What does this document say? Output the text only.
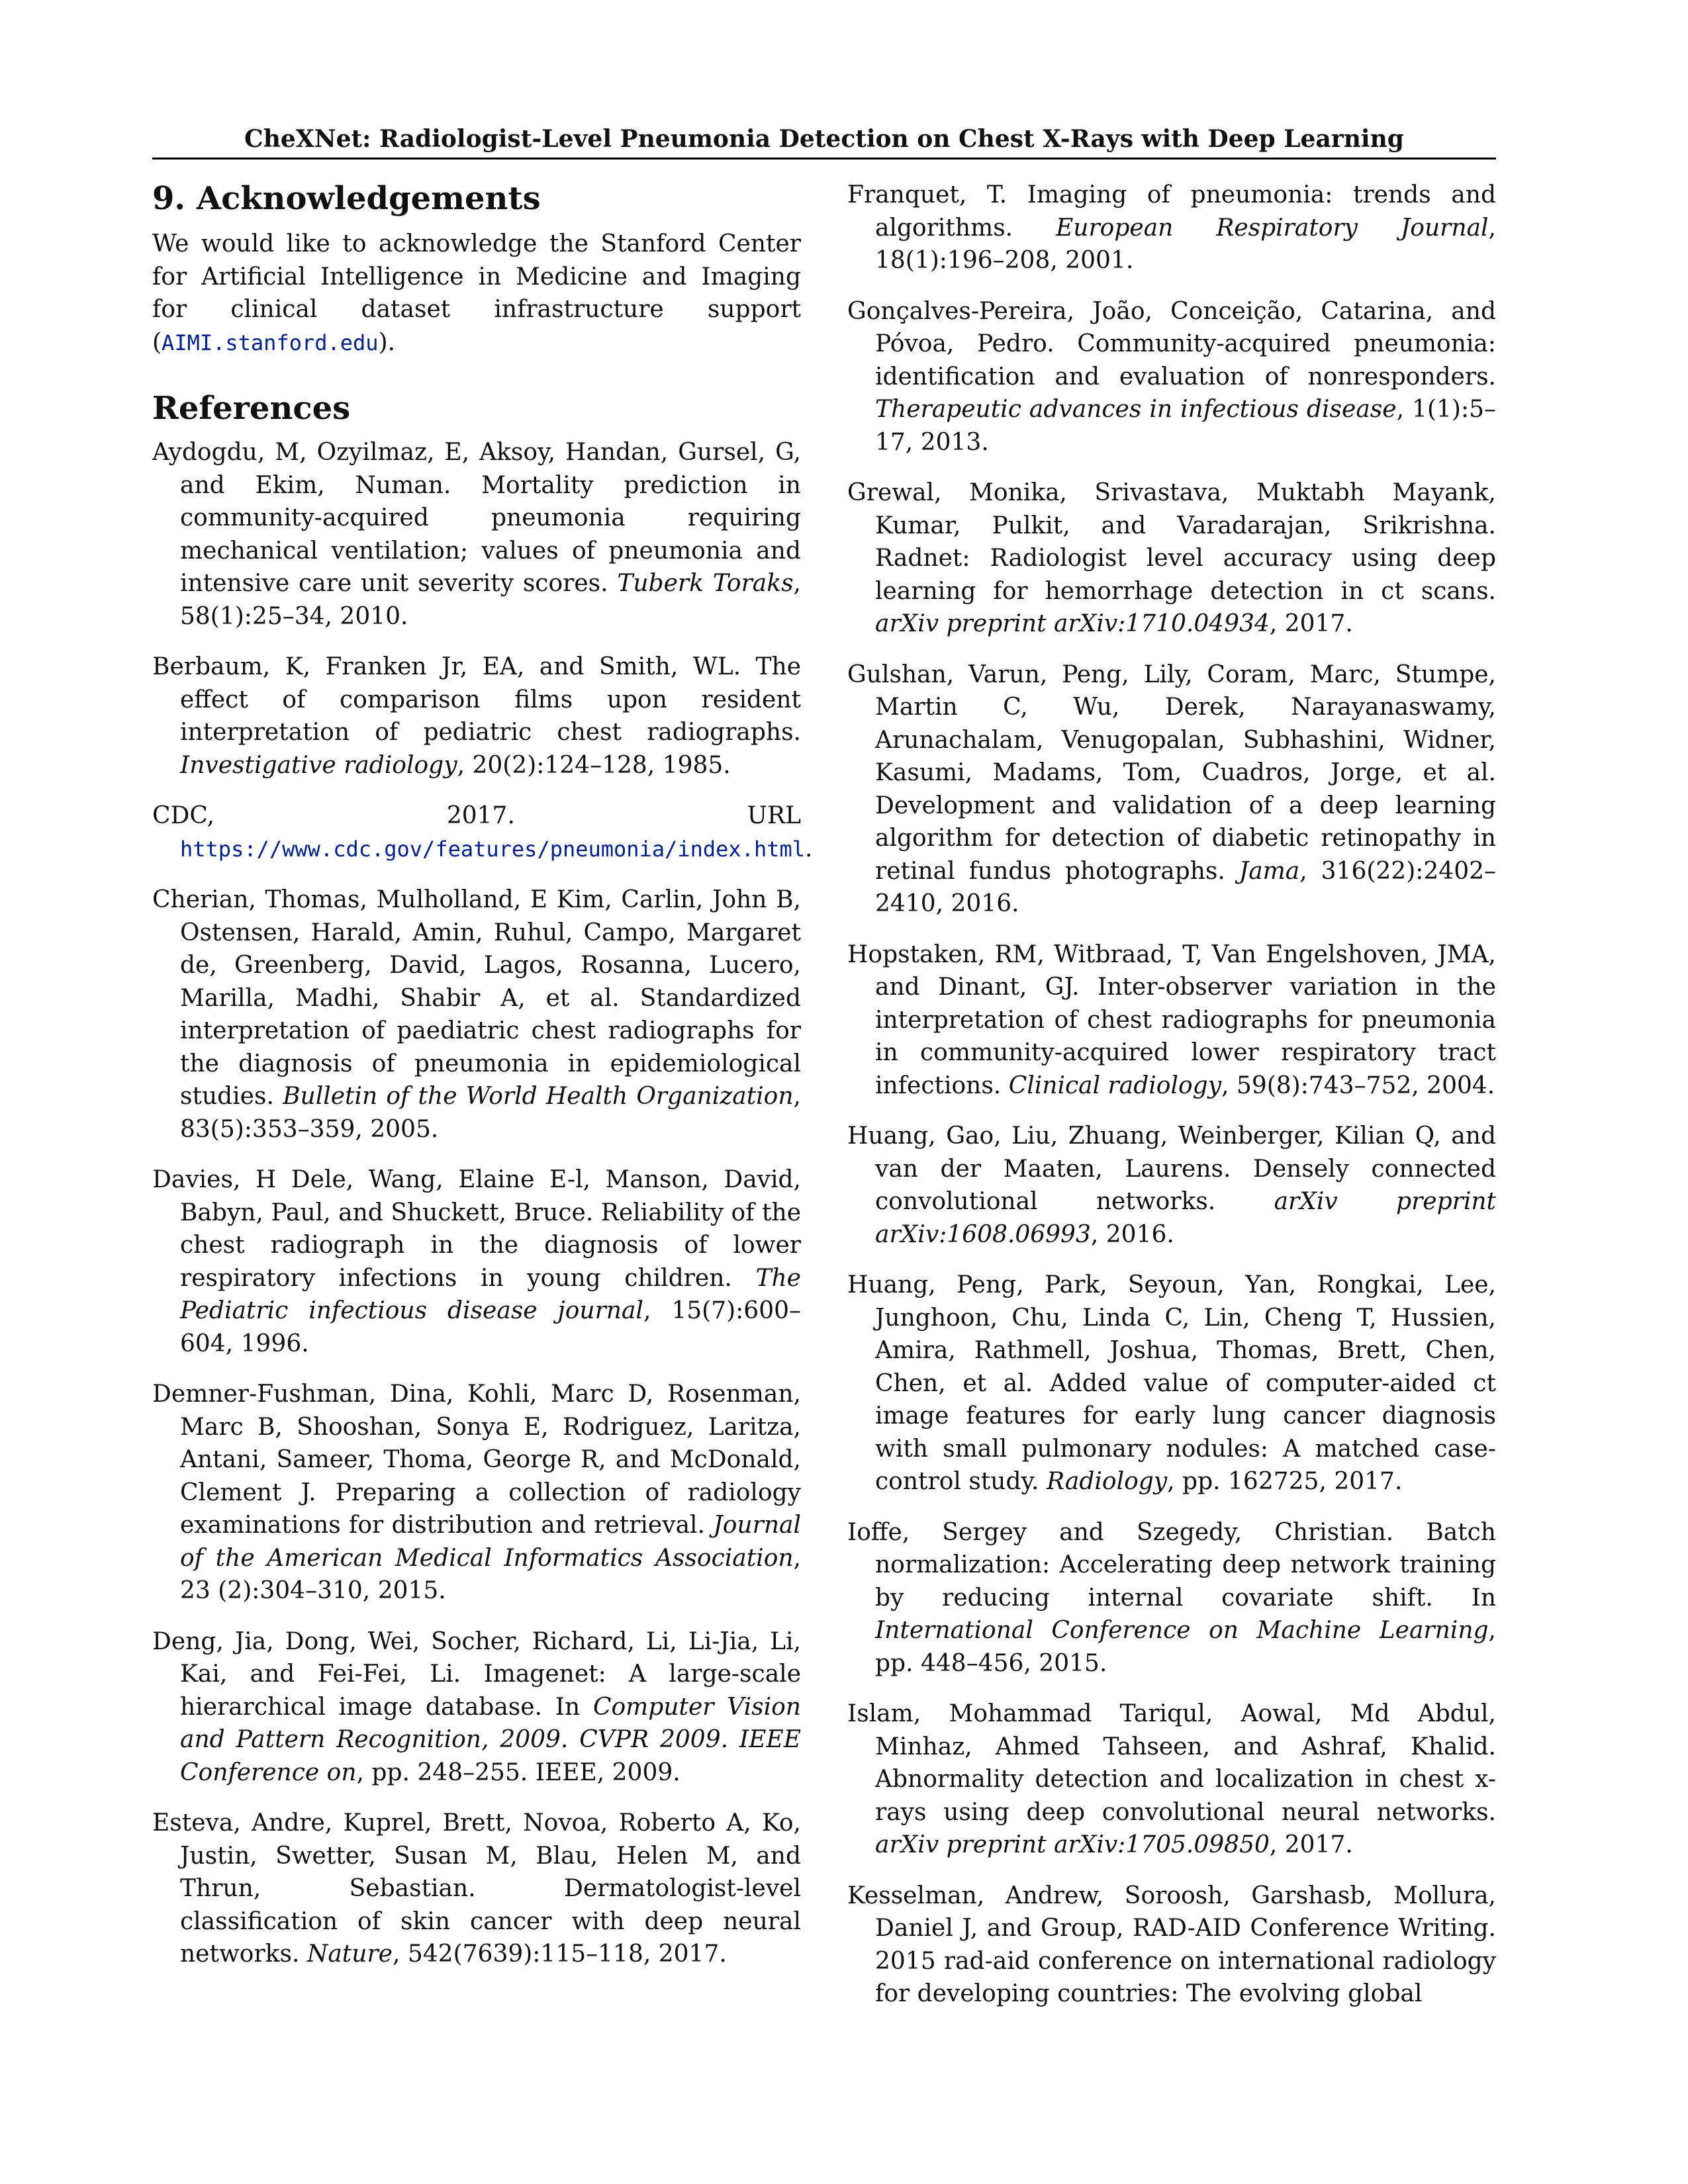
CheXNet: Radiologist-Level Pneumonia Detection on Chest X-Rays with Deep Learning
9. Acknowledgements

We would like to acknowledge the Stanford Center for Artificial Intelligence in Medicine and Imaging for clinical dataset infrastructure support (AIMI.stanford.edu).

References

Aydogdu, M, Ozyilmaz, E, Aksoy, Handan, Gursel, G, and Ekim, Numan. Mortality prediction in community-acquired pneumonia requiring mechanical ventilation; values of pneumonia and intensive care unit severity scores. Tuberk Toraks, 58(1):25–34, 2010.

Berbaum, K, Franken Jr, EA, and Smith, WL. The effect of comparison films upon resident interpretation of pediatric chest radiographs. Investigative radiology, 20(2):124–128, 1985.

CDC, 2017. URL https://www.cdc.gov/features/pneumonia/index.html.

Cherian, Thomas, Mulholland, E Kim, Carlin, John B, Ostensen, Harald, Amin, Ruhul, Campo, Margaret de, Greenberg, David, Lagos, Rosanna, Lucero, Marilla, Madhi, Shabir A, et al. Standardized interpretation of paediatric chest radiographs for the diagnosis of pneumonia in epidemiological studies. Bulletin of the World Health Organization, 83(5):353–359, 2005.

Davies, H Dele, Wang, Elaine E-l, Manson, David, Babyn, Paul, and Shuckett, Bruce. Reliability of the chest radiograph in the diagnosis of lower respiratory infections in young children. The Pediatric infectious disease journal, 15(7):600–604, 1996.

Demner-Fushman, Dina, Kohli, Marc D, Rosenman, Marc B, Shooshan, Sonya E, Rodriguez, Laritza, Antani, Sameer, Thoma, George R, and McDonald, Clement J. Preparing a collection of radiology examinations for distribution and retrieval. Journal of the American Medical Informatics Association, 23 (2):304–310, 2015.

Deng, Jia, Dong, Wei, Socher, Richard, Li, Li-Jia, Li, Kai, and Fei-Fei, Li. Imagenet: A large-scale hierarchical image database. In Computer Vision and Pattern Recognition, 2009. CVPR 2009. IEEE Conference on, pp. 248–255. IEEE, 2009.

Esteva, Andre, Kuprel, Brett, Novoa, Roberto A, Ko, Justin, Swetter, Susan M, Blau, Helen M, and Thrun, Sebastian. Dermatologist-level classification of skin cancer with deep neural networks. Nature, 542(7639):115–118, 2017.

Franquet, T. Imaging of pneumonia: trends and algorithms. European Respiratory Journal, 18(1):196–208, 2001.

Gonçalves-Pereira, João, Conceição, Catarina, and Póvoa, Pedro. Community-acquired pneumonia: identification and evaluation of nonresponders. Therapeutic advances in infectious disease, 1(1):5–17, 2013.

Grewal, Monika, Srivastava, Muktabh Mayank, Kumar, Pulkit, and Varadarajan, Srikrishna. Radnet: Radiologist level accuracy using deep learning for hemorrhage detection in ct scans. arXiv preprint arXiv:1710.04934, 2017.

Gulshan, Varun, Peng, Lily, Coram, Marc, Stumpe, Martin C, Wu, Derek, Narayanaswamy, Arunachalam, Venugopalan, Subhashini, Widner, Kasumi, Madams, Tom, Cuadros, Jorge, et al. Development and validation of a deep learning algorithm for detection of diabetic retinopathy in retinal fundus photographs. Jama, 316(22):2402–2410, 2016.

Hopstaken, RM, Witbraad, T, Van Engelshoven, JMA, and Dinant, GJ. Inter-observer variation in the interpretation of chest radiographs for pneumonia in community-acquired lower respiratory tract infections. Clinical radiology, 59(8):743–752, 2004.

Huang, Gao, Liu, Zhuang, Weinberger, Kilian Q, and van der Maaten, Laurens. Densely connected convolutional networks. arXiv preprint arXiv:1608.06993, 2016.

Huang, Peng, Park, Seyoun, Yan, Rongkai, Lee, Junghoon, Chu, Linda C, Lin, Cheng T, Hussien, Amira, Rathmell, Joshua, Thomas, Brett, Chen, Chen, et al. Added value of computer-aided ct image features for early lung cancer diagnosis with small pulmonary nodules: A matched case-control study. Radiology, pp. 162725, 2017.

Ioffe, Sergey and Szegedy, Christian. Batch normalization: Accelerating deep network training by reducing internal covariate shift. In International Conference on Machine Learning, pp. 448–456, 2015.

Islam, Mohammad Tariqul, Aowal, Md Abdul, Minhaz, Ahmed Tahseen, and Ashraf, Khalid. Abnormality detection and localization in chest x-rays using deep convolutional neural networks. arXiv preprint arXiv:1705.09850, 2017.

Kesselman, Andrew, Soroosh, Garshasb, Mollura, Daniel J, and Group, RAD-AID Conference Writing. 2015 rad-aid conference on international radiology for developing countries: The evolving global
